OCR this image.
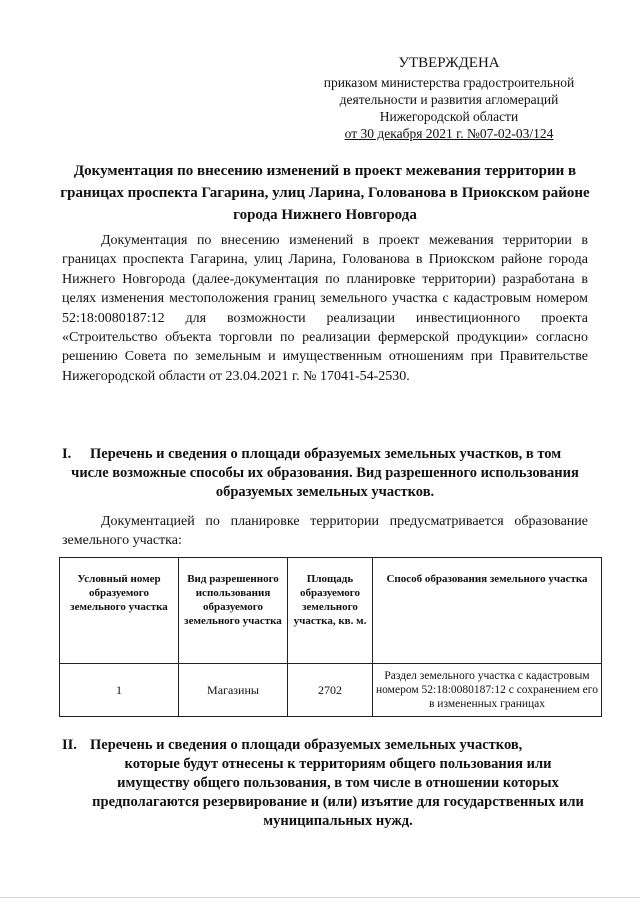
УТВЕРЖДЕНА
приказом министерства градостроительной
деятельности и развития агломераций
Нижегородской области
от 30 декабря 2021 г. №07-02-03/124
Документация по внесению изменений в проект межевания территории в границах проспекта Гагарина, улиц Ларина, Голованова в Приокском районе города Нижнего Новгорода

Документация по внесению изменений в проект межевания территории в границах проспекта Гагарина, улиц Ларина, Голованова в Приокском районе города Нижнего Новгорода (далее-документация по планировке территории) разработана в целях изменения местоположения границ земельного участка с кадастровым номером 52:18:0080187:12 для возможности реализации инвестиционного проекта «Строительство объекта торговли по реализации фермерской продукции» согласно решению Совета по земельным и имущественным отношениям при Правительстве Нижегородской области от 23.04.2021 г. № 17041-54-2530.

I. Перечень и сведения о площади образуемых земельных участков, в том
числе возможные способы их образования. Вид разрешенного использования образуемых земельных участков.

Документацией по планировке территории предусматривается образование земельного участка:

Условный номер образуемого земельного участка	Вид разрешенного использования образуемого земельного участка	Площадь образуемого земельного участка, кв. м.	Способ образования земельного участка
1	Магазины	2702	Раздел земельного участка с кадастровым номером 52:18:0080187:12 с сохранением его в измененных границах
II. Перечень и сведения о площади образуемых земельных участков,
которые будут отнесены к территориям общего пользования или имуществу общего пользования, в том числе в отношении которых предполагаются резервирование и (или) изъятие для государственных или муниципальных нужд.
